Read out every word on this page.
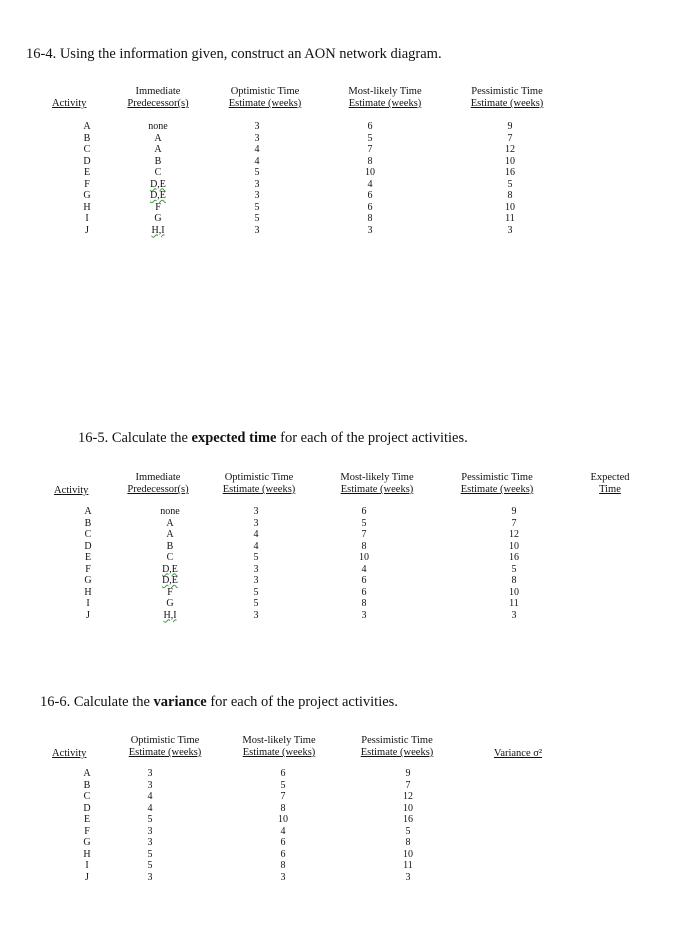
16-4. Using the information given, construct an AON network diagram.
Activity
Immediate
Predecessor(s)
Optimistic Time
Estimate (weeks)
Most-likely Time
Estimate (weeks)
Pessimistic Time
Estimate (weeks)
A	none	3	6	9
B	A	3	5	7
C	A	4	7	12
D	B	4	8	10
E	C	5	10	16
F	D,E	3	4	5
G	D,E	3	6	8
H	F	5	6	10
I	G	5	8	11
J	H,I	3	3	3
16-5. Calculate the expected time for each of the project activities.
Activity
Immediate
Predecessor(s)
Optimistic Time
Estimate (weeks)
Most-likely Time
Estimate (weeks)
Pessimistic Time
Estimate (weeks)
Expected
Time
A	none	3	6	9
B	A	3	5	7
C	A	4	7	12
D	B	4	8	10
E	C	5	10	16
F	D,E	3	4	5
G	D,E	3	6	8
H	F	5	6	10
I	G	5	8	11
J	H,I	3	3	3
16-6. Calculate the variance for each of the project activities.
Activity
Optimistic Time
Estimate (weeks)
Most-likely Time
Estimate (weeks)
Pessimistic Time
Estimate (weeks)	Variance σ²
A	3	6	9
B	3	5	7
C	4	7	12
D	4	8	10
E	5	10	16
F	3	4	5
G	3	6	8
H	5	6	10
I	5	8	11
J	3	3	3
